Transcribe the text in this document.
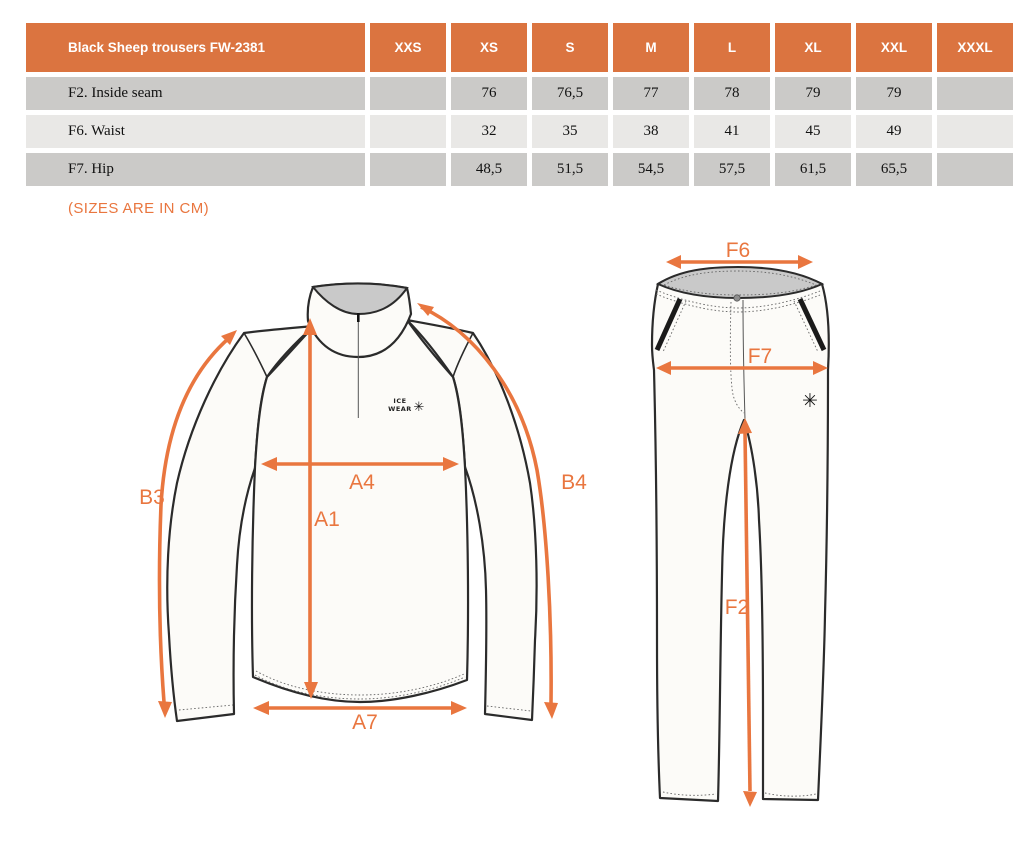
Black Sheep trousers FW-2381	XXS	XS	S	M	L	XL	XXL	XXXL
F2. Inside seam		76	76,5	77	78	79	79	
F6. Waist		32	35	38	41	45	49	
F7. Hip		48,5	51,5	54,5	57,5	61,5	65,5	
(SIZES ARE IN CM)
ICE
WEAR ✳
A4
A1
A7
B3
B4
✳
F6
F7
F2
